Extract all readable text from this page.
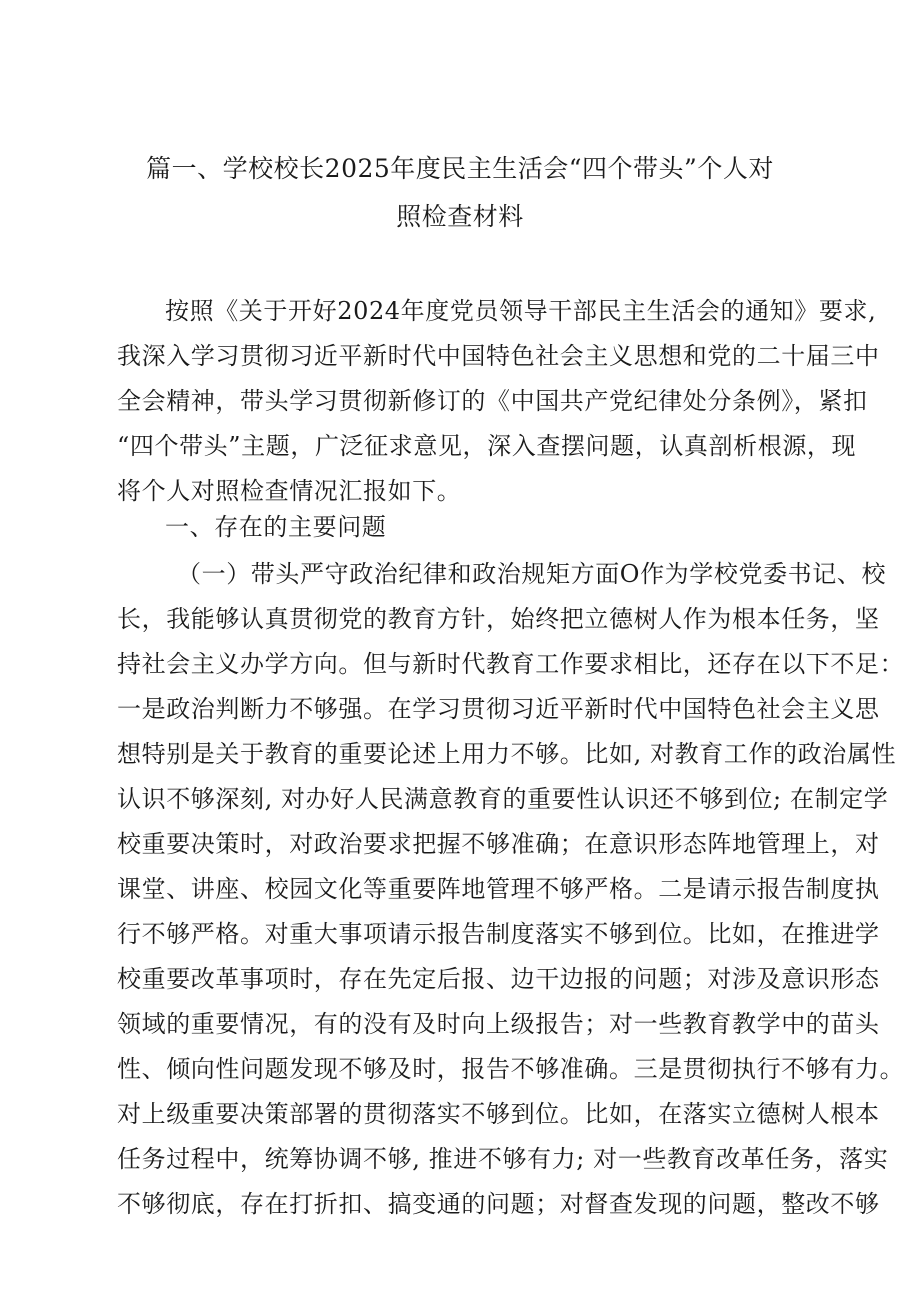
篇一、学校校长2025年度民主生活会“四个带头”个人对
照检查材料
按照《关于开好2024年度党员领导干部民主生活会的通知》要求,
我深入学习贯彻习近平新时代中国特色社会主义思想和党的二十届三中
全会精神，带头学习贯彻新修订的《中国共产党纪律处分条例》，紧扣
“四个带头”主题，广泛征求意见，深入查摆问题，认真剖析根源，现
将个人对照检查情况汇报如下。
一、存在的主要问题
（一）带头严守政治纪律和政治规矩方面O作为学校党委书记、校
长，我能够认真贯彻党的教育方针，始终把立德树人作为根本任务，坚
持社会主义办学方向。但与新时代教育工作要求相比，还存在以下不足：
一是政治判断力不够强。在学习贯彻习近平新时代中国特色社会主义思
想特别是关于教育的重要论述上用力不够。比如, 对教育工作的政治属性
认识不够深刻, 对办好人民满意教育的重要性认识还不够到位; 在制定学
校重要决策时，对政治要求把握不够准确；在意识形态阵地管理上，对
课堂、讲座、校园文化等重要阵地管理不够严格。二是请示报告制度执
行不够严格。对重大事项请示报告制度落实不够到位。比如，在推进学
校重要改革事项时，存在先定后报、边干边报的问题；对涉及意识形态
领域的重要情况，有的没有及时向上级报告；对一些教育教学中的苗头
性、倾向性问题发现不够及时，报告不够准确。三是贯彻执行不够有力。
对上级重要决策部署的贯彻落实不够到位。比如，在落实立德树人根本
任务过程中，统筹协调不够, 推进不够有力; 对一些教育改革任务，落实
不够彻底，存在打折扣、搞变通的问题；对督查发现的问题，整改不够
